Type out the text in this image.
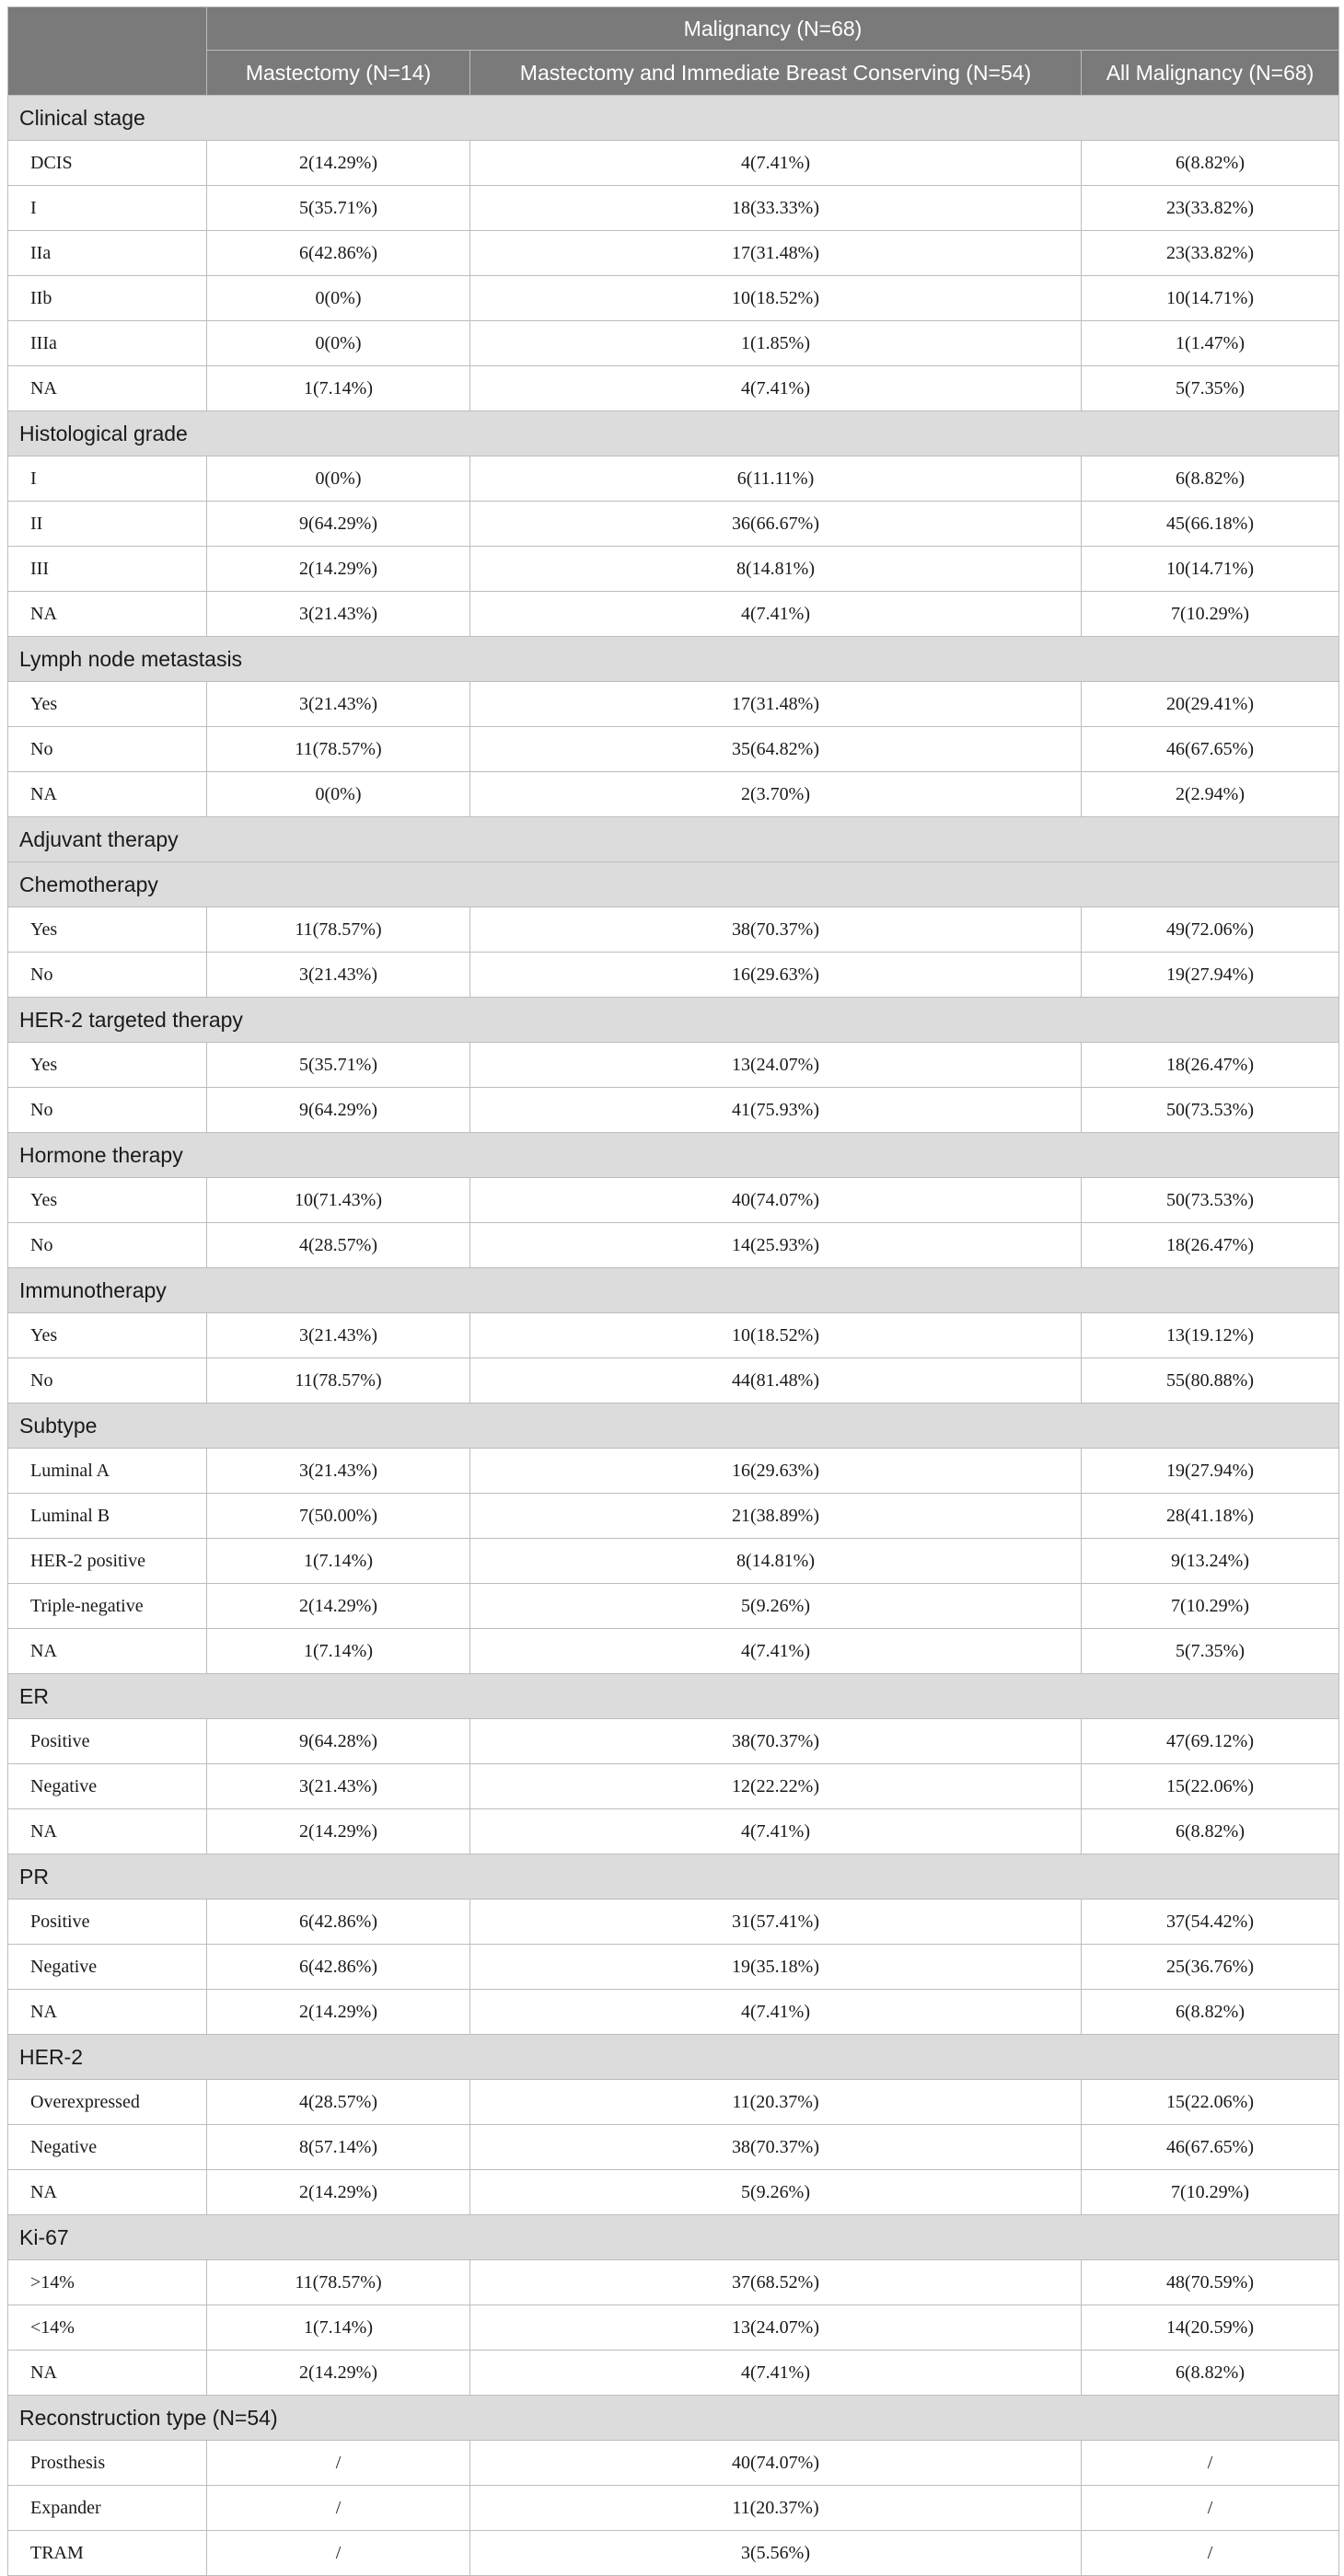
	Malignancy (N=68)		
	Mastectomy (N=14)	Mastectomy and Immediate Breast Conserving (N=54)	All Malignancy (N=68)
Clinical stage			
DCIS	2(14.29%)	4(7.41%)	6(8.82%)
I	5(35.71%)	18(33.33%)	23(33.82%)
IIa	6(42.86%)	17(31.48%)	23(33.82%)
IIb	0(0%)	10(18.52%)	10(14.71%)
IIIa	0(0%)	1(1.85%)	1(1.47%)
NA	1(7.14%)	4(7.41%)	5(7.35%)
Histological grade			
I	0(0%)	6(11.11%)	6(8.82%)
II	9(64.29%)	36(66.67%)	45(66.18%)
III	2(14.29%)	8(14.81%)	10(14.71%)
NA	3(21.43%)	4(7.41%)	7(10.29%)
Lymph node metastasis			
Yes	3(21.43%)	17(31.48%)	20(29.41%)
No	11(78.57%)	35(64.82%)	46(67.65%)
NA	0(0%)	2(3.70%)	2(2.94%)
Adjuvant therapy			
Chemotherapy			
Yes	11(78.57%)	38(70.37%)	49(72.06%)
No	3(21.43%)	16(29.63%)	19(27.94%)
HER-2 targeted therapy			
Yes	5(35.71%)	13(24.07%)	18(26.47%)
No	9(64.29%)	41(75.93%)	50(73.53%)
Hormone therapy			
Yes	10(71.43%)	40(74.07%)	50(73.53%)
No	4(28.57%)	14(25.93%)	18(26.47%)
Immunotherapy			
Yes	3(21.43%)	10(18.52%)	13(19.12%)
No	11(78.57%)	44(81.48%)	55(80.88%)
Subtype			
Luminal A	3(21.43%)	16(29.63%)	19(27.94%)
Luminal B	7(50.00%)	21(38.89%)	28(41.18%)
HER-2 positive	1(7.14%)	8(14.81%)	9(13.24%)
Triple-negative	2(14.29%)	5(9.26%)	7(10.29%)
NA	1(7.14%)	4(7.41%)	5(7.35%)
ER			
Positive	9(64.28%)	38(70.37%)	47(69.12%)
Negative	3(21.43%)	12(22.22%)	15(22.06%)
NA	2(14.29%)	4(7.41%)	6(8.82%)
PR			
Positive	6(42.86%)	31(57.41%)	37(54.42%)
Negative	6(42.86%)	19(35.18%)	25(36.76%)
NA	2(14.29%)	4(7.41%)	6(8.82%)
HER-2			
Overexpressed	4(28.57%)	11(20.37%)	15(22.06%)
Negative	8(57.14%)	38(70.37%)	46(67.65%)
NA	2(14.29%)	5(9.26%)	7(10.29%)
Ki-67			
>14%	11(78.57%)	37(68.52%)	48(70.59%)
<14%	1(7.14%)	13(24.07%)	14(20.59%)
NA	2(14.29%)	4(7.41%)	6(8.82%)
Reconstruction type (N=54)			
Prosthesis	/	40(74.07%)	/
Expander	/	11(20.37%)	/
TRAM	/	3(5.56%)	/
